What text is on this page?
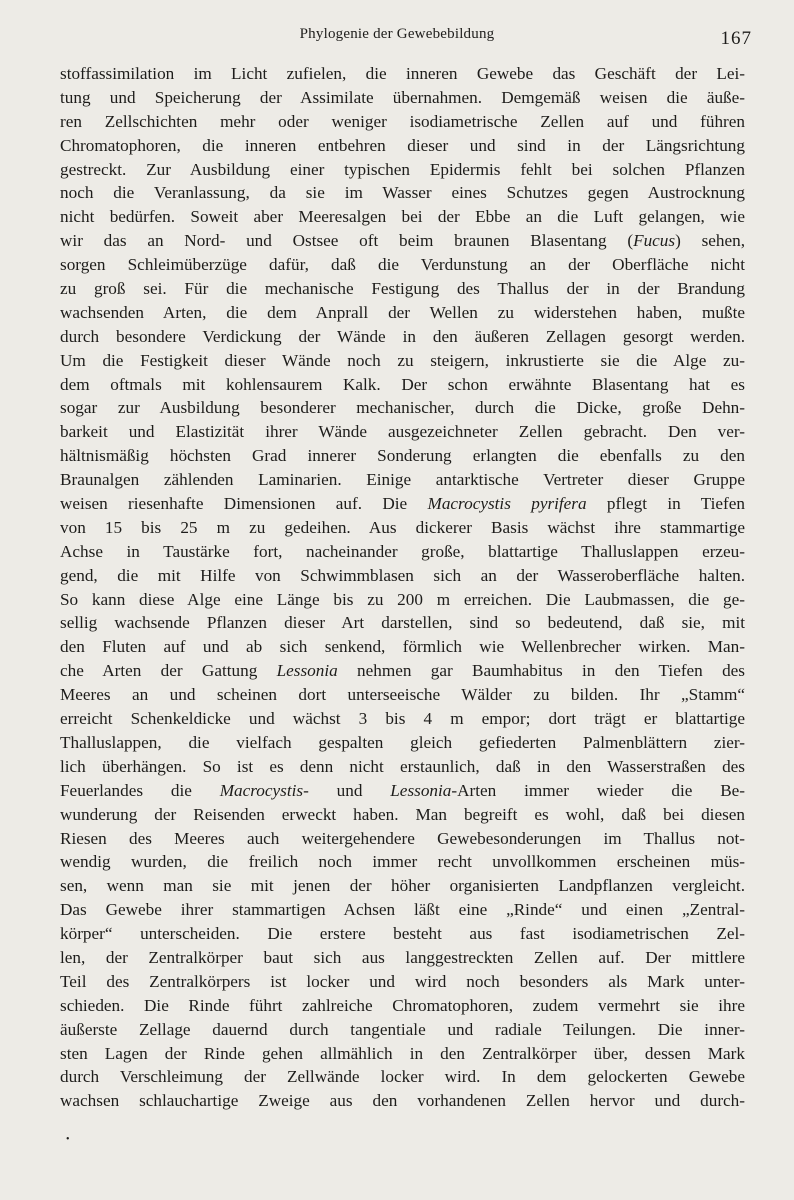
Phylogenie der Gewebebildung	167
stoffassimilation im Licht zufielen, die inneren Gewebe das Geschäft der Lei-
tung und Speicherung der Assimilate übernahmen. Demgemäß weisen die äuße-
ren Zellschichten mehr oder weniger isodiametrische Zellen auf und führen
Chromatophoren, die inneren entbehren dieser und sind in der Längsrichtung
gestreckt. Zur Ausbildung einer typischen Epidermis fehlt bei solchen Pflanzen
noch die Veranlassung, da sie im Wasser eines Schutzes gegen Austrocknung
nicht bedürfen. Soweit aber Meeresalgen bei der Ebbe an die Luft gelangen, wie
wir das an Nord- und Ostsee oft beim braunen Blasentang (Fucus) sehen,
sorgen Schleimüberzüge dafür, daß die Verdunstung an der Oberfläche nicht
zu groß sei. Für die mechanische Festigung des Thallus der in der Brandung
wachsenden Arten, die dem Anprall der Wellen zu widerstehen haben, mußte
durch besondere Verdickung der Wände in den äußeren Zellagen gesorgt werden.
Um die Festigkeit dieser Wände noch zu steigern, inkrustierte sie die Alge zu-
dem oftmals mit kohlensaurem Kalk. Der schon erwähnte Blasentang hat es
sogar zur Ausbildung besonderer mechanischer, durch die Dicke, große Dehn-
barkeit und Elastizität ihrer Wände ausgezeichneter Zellen gebracht. Den ver-
hältnismäßig höchsten Grad innerer Sonderung erlangten die ebenfalls zu den
Braunalgen zählenden Laminarien. Einige antarktische Vertreter dieser Gruppe
weisen riesenhafte Dimensionen auf. Die Macrocystis pyrifera pflegt in Tiefen
von 15 bis 25 m zu gedeihen. Aus dickerer Basis wächst ihre stammartige
Achse in Taustärke fort, nacheinander große, blattartige Thalluslappen erzeu-
gend, die mit Hilfe von Schwimmblasen sich an der Wasseroberfläche halten.
So kann diese Alge eine Länge bis zu 200 m erreichen. Die Laubmassen, die ge-
sellig wachsende Pflanzen dieser Art darstellen, sind so bedeutend, daß sie, mit
den Fluten auf und ab sich senkend, förmlich wie Wellenbrecher wirken. Man-
che Arten der Gattung Lessonia nehmen gar Baumhabitus in den Tiefen des
Meeres an und scheinen dort unterseeische Wälder zu bilden. Ihr „Stamm“
erreicht Schenkeldicke und wächst 3 bis 4 m empor; dort trägt er blattartige
Thalluslappen, die vielfach gespalten gleich gefiederten Palmenblättern zier-
lich überhängen. So ist es denn nicht erstaunlich, daß in den Wasserstraßen des
Feuerlandes die Macrocystis- und Lessonia-Arten immer wieder die Be-
wunderung der Reisenden erweckt haben. Man begreift es wohl, daß bei diesen
Riesen des Meeres auch weitergehendere Gewebesonderungen im Thallus not-
wendig wurden, die freilich noch immer recht unvollkommen erscheinen müs-
sen, wenn man sie mit jenen der höher organisierten Landpflanzen vergleicht.
Das Gewebe ihrer stammartigen Achsen läßt eine „Rinde“ und einen „Zentral-
körper“ unterscheiden. Die erstere besteht aus fast isodiametrischen Zel-
len, der Zentralkörper baut sich aus langgestreckten Zellen auf. Der mittlere
Teil des Zentralkörpers ist locker und wird noch besonders als Mark unter-
schieden. Die Rinde führt zahlreiche Chromatophoren, zudem vermehrt sie ihre
äußerste Zellage dauernd durch tangentiale und radiale Teilungen. Die inner-
sten Lagen der Rinde gehen allmählich in den Zentralkörper über, dessen Mark
durch Verschleimung der Zellwände locker wird. In dem gelockerten Gewebe
wachsen schlauchartige Zweige aus den vorhandenen Zellen hervor und durch-
•
